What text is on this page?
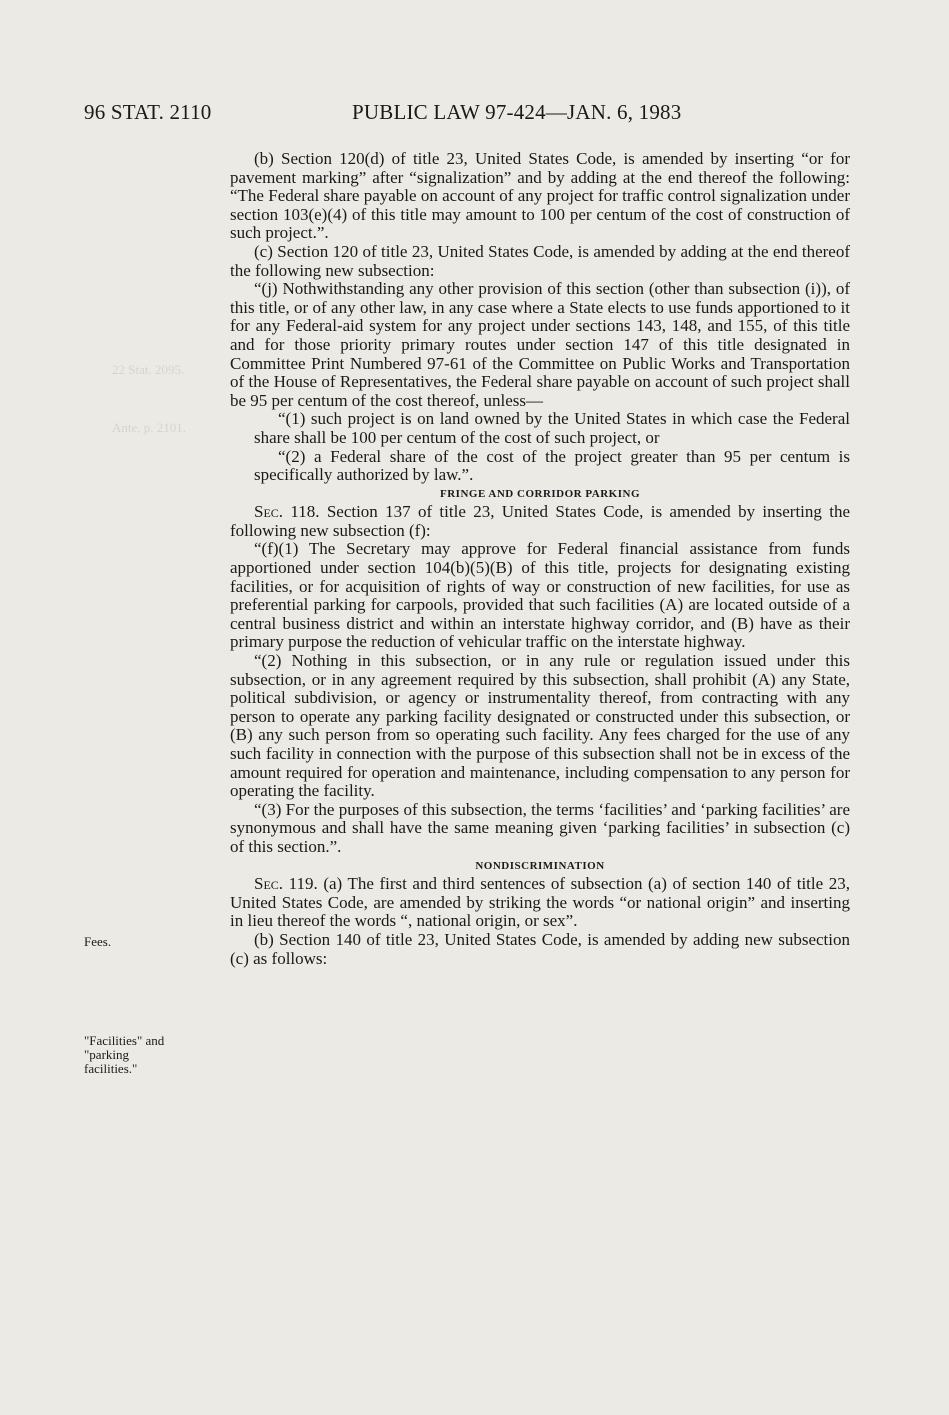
22 Stat. 2095.
Ante, p. 2101.
96 STAT. 2110	PUBLIC LAW 97-424—JAN. 6, 1983

(b) Section 120(d) of title 23, United States Code, is amended by inserting “or for pavement marking” after “signalization” and by adding at the end thereof the following: “The Federal share payable on account of any project for traffic control signalization under section 103(e)(4) of this title may amount to 100 per centum of the cost of construction of such project.”.

(c) Section 120 of title 23, United States Code, is amended by adding at the end thereof the following new subsection:

“(j) Nothwithstanding any other provision of this section (other than subsection (i)), of this title, or of any other law, in any case where a State elects to use funds apportioned to it for any Federal-aid system for any project under sections 143, 148, and 155, of this title and for those priority primary routes under section 147 of this title designated in Committee Print Numbered 97-61 of the Committee on Public Works and Transportation of the House of Representatives, the Federal share payable on account of such project shall be 95 per centum of the cost thereof, unless—

“(1) such project is on land owned by the United States in which case the Federal share shall be 100 per centum of the cost of such project, or

“(2) a Federal share of the cost of the project greater than 95 per centum is specifically authorized by law.”.

FRINGE AND CORRIDOR PARKING

Sec. 118. Section 137 of title 23, United States Code, is amended by inserting the following new subsection (f):

“(f)(1) The Secretary may approve for Federal financial assistance from funds apportioned under section 104(b)(5)(B) of this title, projects for designating existing facilities, or for acquisition of rights of way or construction of new facilities, for use as preferential parking for carpools, provided that such facilities (A) are located outside of a central business district and within an interstate highway corridor, and (B) have as their primary purpose the reduction of vehicular traffic on the interstate highway.

“(2) Nothing in this subsection, or in any rule or regulation issued under this subsection, or in any agreement required by this subsection, shall prohibit (A) any State, political subdivision, or agency or instrumentality thereof, from contracting with any person to operate any parking facility designated or constructed under this subsection, or (B) any such person from so operating such facility. Any fees charged for the use of any such facility in connection with the purpose of this subsection shall not be in excess of the amount required for operation and maintenance, including compensation to any person for operating the facility.

“(3) For the purposes of this subsection, the terms ‘facilities’ and ‘parking facilities’ are synonymous and shall have the same meaning given ‘parking facilities’ in subsection (c) of this section.”.

NONDISCRIMINATION

Sec. 119. (a) The first and third sentences of subsection (a) of section 140 of title 23, United States Code, are amended by striking the words “or national origin” and inserting in lieu thereof the words “, national origin, or sex”.

(b) Section 140 of title 23, United States Code, is amended by adding new subsection (c) as follows:

Fees.
"Facilities" and
"parking
facilities."
